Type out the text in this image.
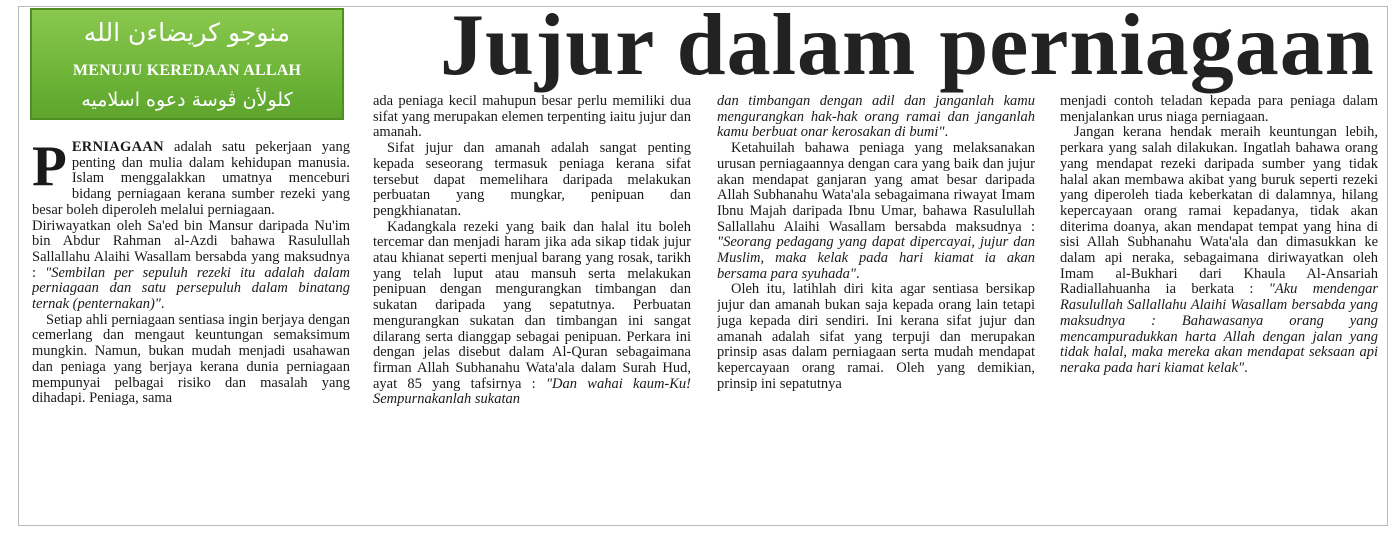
منوجو كريضاءن الله
MENUJU KEREDAAN ALLAH
كلولأن ڤوسة دعوه اسلاميه
Jujur dalam perniagaan

PERNIAGAAN adalah satu pekerjaan yang penting dan mulia dalam kehidupan manusia. Islam menggalakkan umatnya menceburi bidang perniagaan kerana sumber rezeki yang besar boleh diperoleh melalui perniagaan.

Diriwayatkan oleh Sa'ed bin Mansur daripada Nu'im bin Abdur Rahman al-Azdi bahawa Rasulullah Sallallahu Alaihi Wasallam bersabda yang maksudnya : "Sembilan per sepuluh rezeki itu adalah dalam perniagaan dan satu persepuluh dalam binatang ternak (penternakan)".

Setiap ahli perniagaan sentiasa ingin berjaya dengan cemerlang dan mengaut keuntungan semaksimum mungkin. Namun, bukan mudah menjadi usahawan dan peniaga yang berjaya kerana dunia perniagaan mempunyai pelbagai risiko dan masalah yang dihadapi. Peniaga, sama

ada peniaga kecil mahupun besar perlu memiliki dua sifat yang merupakan elemen terpenting iaitu jujur dan amanah.

Sifat jujur dan amanah adalah sangat penting kepada seseorang termasuk peniaga kerana sifat tersebut dapat memelihara daripada melakukan perbuatan yang mungkar, penipuan dan pengkhianatan.

Kadangkala rezeki yang baik dan halal itu boleh tercemar dan menjadi haram jika ada sikap tidak jujur atau khianat seperti menjual barang yang rosak, tarikh yang telah luput atau mansuh serta melakukan penipuan dengan mengurangkan timbangan dan sukatan daripada yang sepatutnya. Perbuatan mengurangkan sukatan dan timbangan ini sangat dilarang serta dianggap sebagai penipuan. Perkara ini dengan jelas disebut dalam Al-Quran sebagaimana firman Allah Subhanahu Wata'ala dalam Surah Hud, ayat 85 yang tafsirnya : "Dan wahai kaum-Ku! Sempurnakanlah sukatan

dan timbangan dengan adil dan janganlah kamu mengurangkan hak-hak orang ramai dan janganlah kamu berbuat onar kerosakan di bumi".

Ketahuilah bahawa peniaga yang melaksanakan urusan perniagaannya dengan cara yang baik dan jujur akan mendapat ganjaran yang amat besar daripada Allah Subhanahu Wata'ala sebagaimana riwayat Imam Ibnu Majah daripada Ibnu Umar, bahawa Rasulullah Sallallahu Alaihi Wasallam bersabda maksudnya : "Seorang pedagang yang dapat dipercayai, jujur dan Muslim, maka kelak pada hari kiamat ia akan bersama para syuhada".

Oleh itu, latihlah diri kita agar sentiasa bersikap jujur dan amanah bukan saja kepada orang lain tetapi juga kepada diri sendiri. Ini kerana sifat jujur dan amanah adalah sifat yang terpuji dan merupakan prinsip asas dalam perniagaan serta mudah mendapat kepercayaan orang ramai. Oleh yang demikian, prinsip ini sepatutnya

menjadi contoh teladan kepada para peniaga dalam menjalankan urus niaga perniagaan.

Jangan kerana hendak meraih keuntungan lebih, perkara yang salah dilakukan. Ingatlah bahawa orang yang mendapat rezeki daripada sumber yang tidak halal akan membawa akibat yang buruk seperti rezeki yang diperoleh tiada keberkatan di dalamnya, hilang kepercayaan orang ramai kepadanya, tidak akan diterima doanya, akan mendapat tempat yang hina di sisi Allah Subhanahu Wata'ala dan dimasukkan ke dalam api neraka, sebagaimana diriwayatkan oleh Imam al-Bukhari dari Khaula Al-Ansariah Radiallahuanha ia berkata : "Aku mendengar Rasulullah Sallallahu Alaihi Wasallam bersabda yang maksudnya : Bahawasanya orang yang mencampuradukkan harta Allah dengan jalan yang tidak halal, maka mereka akan mendapat seksaan api neraka pada hari kiamat kelak".
